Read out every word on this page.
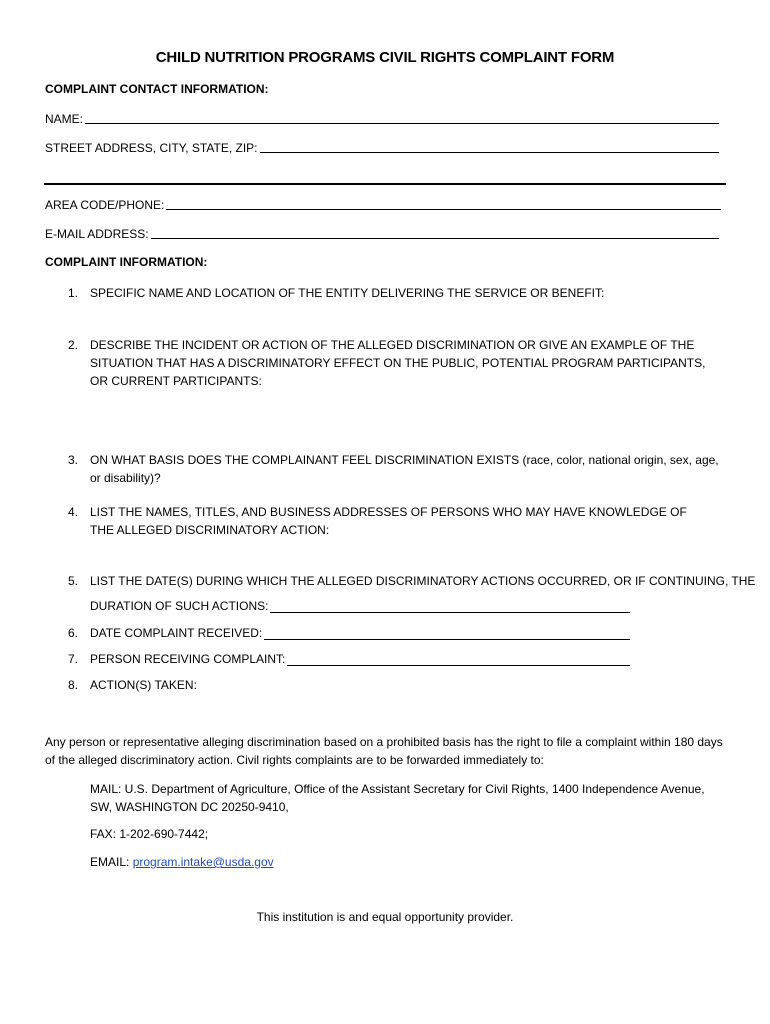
CHILD NUTRITION PROGRAMS CIVIL RIGHTS COMPLAINT FORM
COMPLAINT CONTACT INFORMATION:
NAME:
STREET ADDRESS, CITY, STATE, ZIP:
AREA CODE/PHONE:
E-MAIL ADDRESS:
COMPLAINT INFORMATION:
1. SPECIFIC NAME AND LOCATION OF THE ENTITY DELIVERING THE SERVICE OR BENEFIT:
2. DESCRIBE THE INCIDENT OR ACTION OF THE ALLEGED DISCRIMINATION OR GIVE AN EXAMPLE OF THE SITUATION THAT HAS A DISCRIMINATORY EFFECT ON THE PUBLIC, POTENTIAL PROGRAM PARTICIPANTS, OR CURRENT PARTICIPANTS:
3. ON WHAT BASIS DOES THE COMPLAINANT FEEL DISCRIMINATION EXISTS (race, color, national origin, sex, age, or disability)?
4. LIST THE NAMES, TITLES, AND BUSINESS ADDRESSES OF PERSONS WHO MAY HAVE KNOWLEDGE OF THE ALLEGED DISCRIMINATORY ACTION:
5. LIST THE DATE(S) DURING WHICH THE ALLEGED DISCRIMINATORY ACTIONS OCCURRED, OR IF CONTINUING, THE
DURATION OF SUCH ACTIONS:
6. DATE COMPLAINT RECEIVED:
7. PERSON RECEIVING COMPLAINT:
8. ACTION(S) TAKEN:
Any person or representative alleging discrimination based on a prohibited basis has the right to file a complaint within 180 days of the alleged discriminatory action. Civil rights complaints are to be forwarded immediately to:
MAIL: U.S. Department of Agriculture, Office of the Assistant Secretary for Civil Rights, 1400 Independence Avenue, SW, WASHINGTON DC 20250-9410,
FAX: 1-202-690-7442;
EMAIL: program.intake@usda.gov
This institution is and equal opportunity provider.
